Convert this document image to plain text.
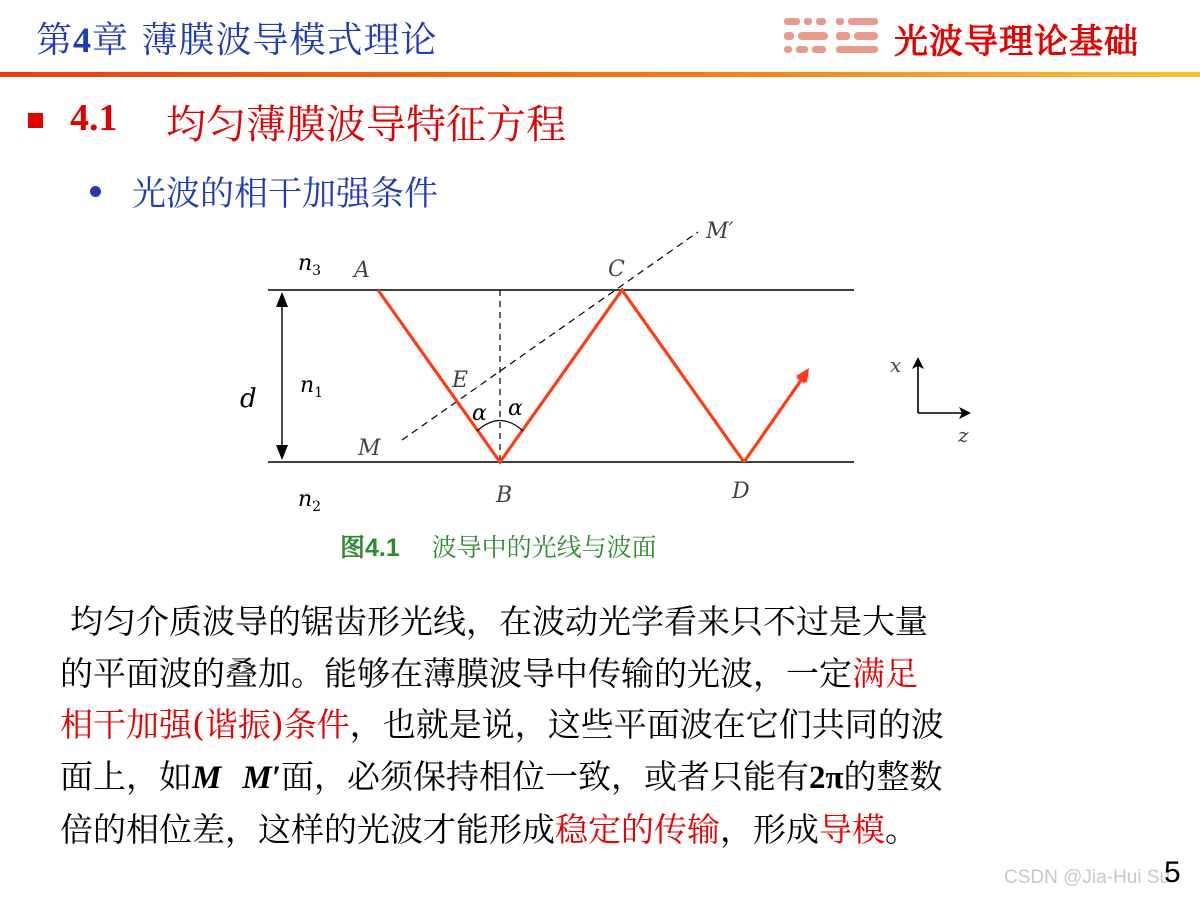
第4章 薄膜波导模式理论	光波导理论基础
4.1 均匀薄膜波导特征方程
光波的相干加强条件
$n_3$
$n_1$
$n_2$
d
A	C
M′
E
α α
M
B	D
x
z
图4.1 波导中的光线与波面
均匀介质波导的锯齿形光线，在波动光学看来只不过是大量
的平面波的叠加。能够在薄膜波导中传输的光波，一定满足
相干加强(谐振)条件，也就是说，这些平面波在它们共同的波
面上，如M M′面，必须保持相位一致，或者只能有2π的整数
倍的相位差，这样的光波才能形成稳定的传输，形成导模。
CSDN @Jia-Hui Su
5
